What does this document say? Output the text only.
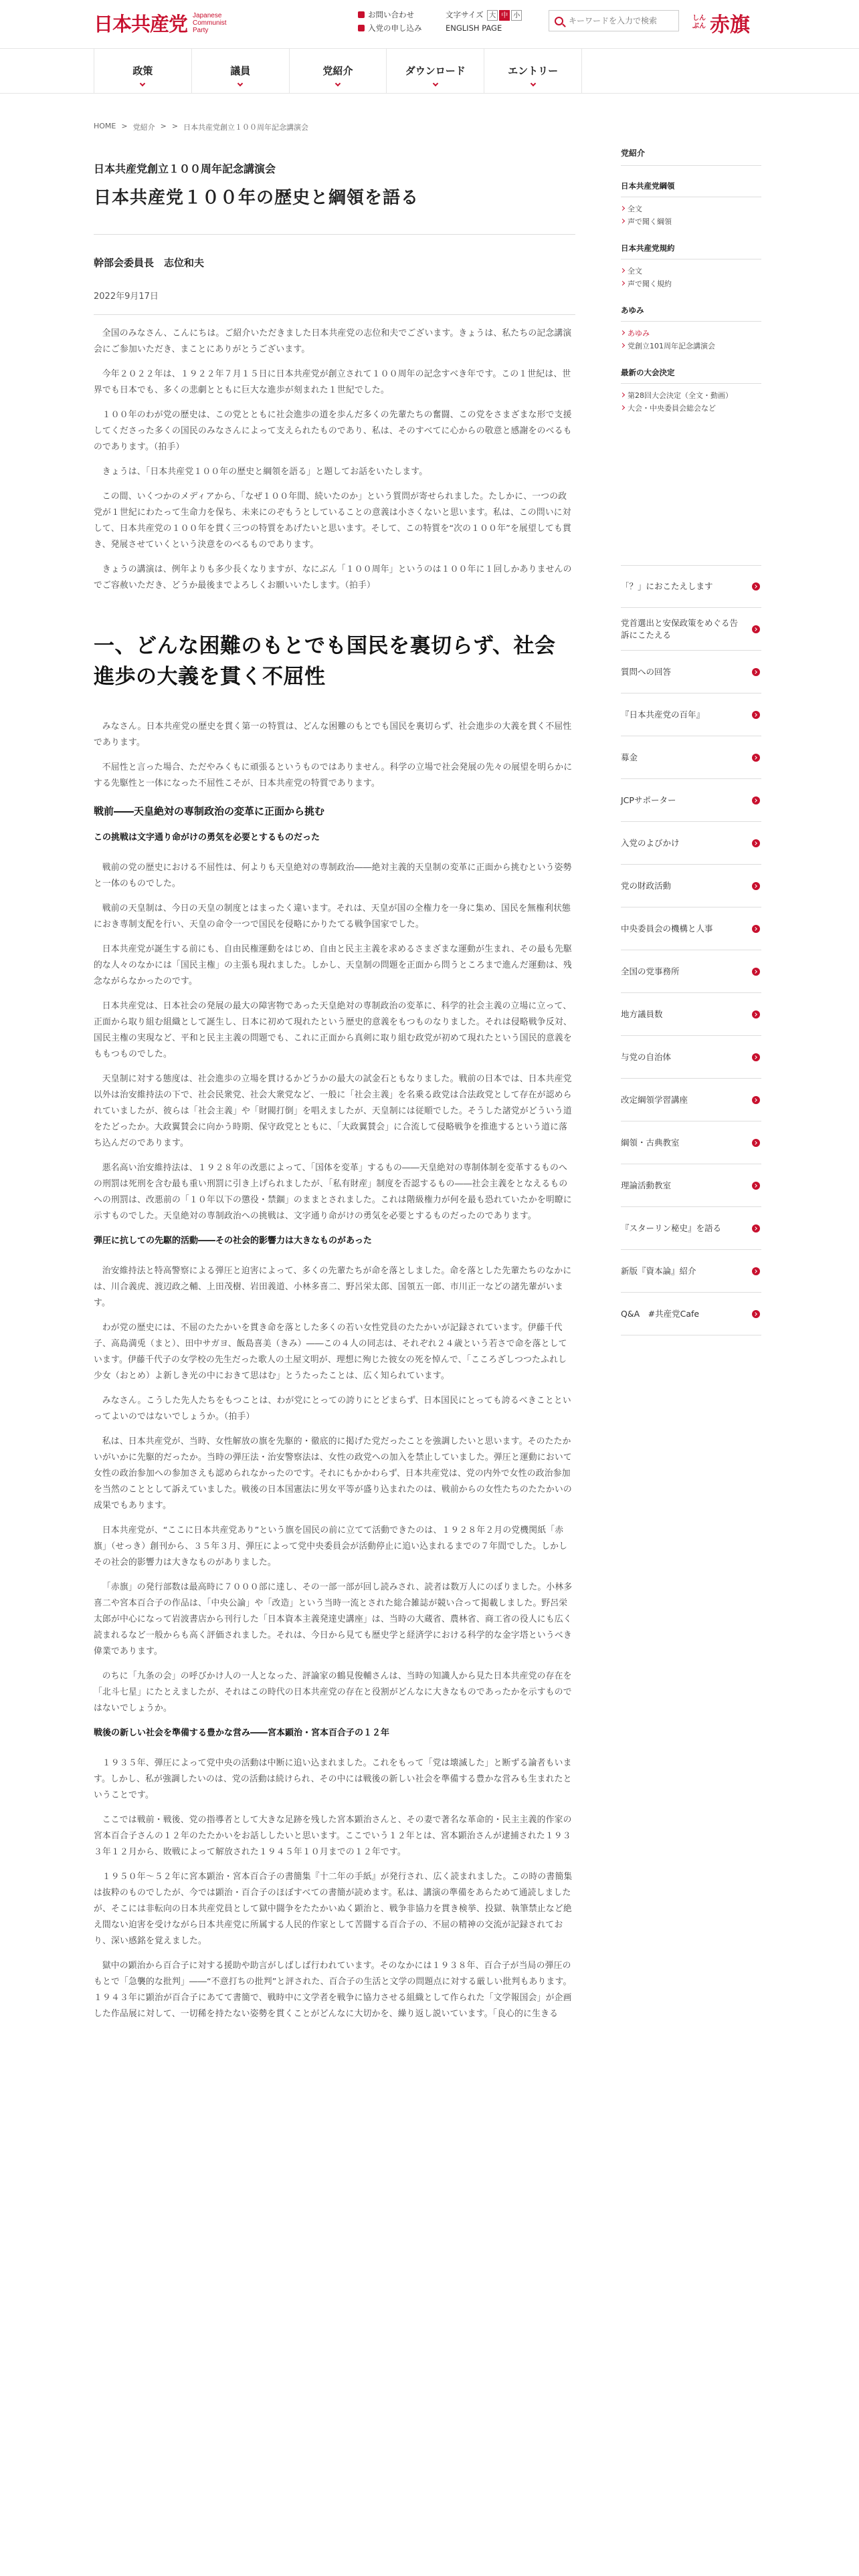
日本共産党 Japanese
Communist
Party
お問い合わせ
入党の申し込み
文字サイズ 大 中 小
ENGLISH PAGE
キーワードを入力で検索
しんぶん 赤旗
政策	議員	党紹介	ダウンロード	エントリー
HOME > 党紹介 > > 日本共産党創立１００周年記念講演会
日本共産党創立１００周年記念講演会
日本共産党１００年の歴史と綱領を語る
幹部会委員長　志位和夫
2022年9月17日

全国のみなさん、こんにちは。ご紹介いただきました日本共産党の志位和夫でございます。きょうは、私たちの記念講演会にご参加いただき、まことにありがとうございます。

今年２０２２年は、１９２２年７月１５日に日本共産党が創立されて１００周年の記念すべき年です。この１世紀は、世界でも日本でも、多くの悲劇とともに巨大な進歩が刻まれた１世紀でした。

１００年のわが党の歴史は、この党とともに社会進歩の道を歩んだ多くの先輩たちの奮闘、この党をさまざまな形で支援してくださった多くの国民のみなさんによって支えられたものであり、私は、そのすべてに心からの敬意と感謝をのべるものであります。（拍手）

きょうは、「日本共産党１００年の歴史と綱領を語る」と題してお話をいたします。

この間、いくつかのメディアから、「なぜ１００年間、続いたのか」という質問が寄せられました。たしかに、一つの政党が１世紀にわたって生命力を保ち、未来にのぞもうとしていることの意義は小さくないと思います。私は、この問いに対して、日本共産党の１００年を貫く三つの特質をあげたいと思います。そして、この特質を“次の１００年”を展望しても貫き、発展させていくという決意をのべるものであります。

きょうの講演は、例年よりも多少長くなりますが、なにぶん「１００周年」というのは１００年に１回しかありませんのでご容赦いただき、どうか最後までよろしくお願いいたします。（拍手）

一、どんな困難のもとでも国民を裏切らず、社会進歩の大義を貫く不屈性

みなさん。日本共産党の歴史を貫く第一の特質は、どんな困難のもとでも国民を裏切らず、社会進歩の大義を貫く不屈性であります。

不屈性と言った場合、ただやみくもに頑張るというものではありません。科学の立場で社会発展の先々の展望を明らかにする先駆性と一体になった不屈性こそが、日本共産党の特質であります。

戦前――天皇絶対の専制政治の変革に正面から挑む
この挑戦は文字通り命がけの勇気を必要とするものだった

戦前の党の歴史における不屈性は、何よりも天皇絶対の専制政治――絶対主義的天皇制の変革に正面から挑むという姿勢と一体のものでした。

戦前の天皇制は、今日の天皇の制度とはまったく違います。それは、天皇が国の全権力を一身に集め、国民を無権利状態におき専制支配を行い、天皇の命令一つで国民を侵略にかりたてる戦争国家でした。

日本共産党が誕生する前にも、自由民権運動をはじめ、自由と民主主義を求めるさまざまな運動が生まれ、その最も先駆的な人々のなかには「国民主権」の主張も現れました。しかし、天皇制の問題を正面から問うところまで進んだ運動は、残念ながらなかったのです。

日本共産党は、日本社会の発展の最大の障害物であった天皇絶対の専制政治の変革に、科学的社会主義の立場に立って、正面から取り組む組織として誕生し、日本に初めて現れたという歴史的意義をもつものなりました。それは侵略戦争反対、国民主権の実現など、平和と民主主義の問題でも、これに正面から真剣に取り組む政党が初めて現れたという国民的意義をももつものでした。

天皇制に対する態度は、社会進歩の立場を貫けるかどうかの最大の試金石ともなりました。戦前の日本では、日本共産党以外は治安維持法の下で、社会民衆党、社会大衆党など、一般に「社会主義」を名乗る政党は合法政党として存在が認められていましたが、彼らは「社会主義」や「財閥打倒」を唱えましたが、天皇制には従順でした。そうした諸党がどういう道をたどったか。大政翼賛会に向かう時期、保守政党とともに、「大政翼賛会」に合流して侵略戦争を推進するという道に落ち込んだのであります。

悪名高い治安維持法は、１９２８年の改悪によって、「国体を変革」するもの――天皇絶対の専制体制を変革するものへの刑罰は死刑を含む最も重い刑罰に引き上げられましたが、「私有財産」制度を否認するもの――社会主義をとなえるものへの刑罰は、改悪前の「１０年以下の懲役・禁錮」のままとされました。これは階級権力が何を最も恐れていたかを明瞭に示すものでした。天皇絶対の専制政治への挑戦は、文字通り命がけの勇気を必要とするものだったのであります。

弾圧に抗しての先駆的活動――その社会的影響力は大きなものがあった

治安維持法と特高警察による弾圧と迫害によって、多くの先輩たちが命を落としました。命を落とした先輩たちのなかには、川合義虎、渡辺政之輔、上田茂樹、岩田義道、小林多喜二、野呂栄太郎、国領五一郎、市川正一などの諸先輩がいます。

わが党の歴史には、不屈のたたかいを貫き命を落とした多くの若い女性党員のたたかいが記録されています。伊藤千代子、高島満兎（まと）、田中サガヨ、飯島喜美（きみ）――この４人の同志は、それぞれ２４歳という若さで命を落としています。伊藤千代子の女学校の先生だった歌人の土屋文明が、理想に殉じた彼女の死を悼んで、「こころざしつつたふれし少女（おとめ）よ新しき光の中におきて思はむ」とうたったことは、広く知られています。

みなさん。こうした先人たちをもつことは、わが党にとっての誇りにとどまらず、日本国民にとっても誇るべきことといってよいのではないでしょうか。（拍手）

私は、日本共産党が、当時、女性解放の旗を先駆的・徹底的に掲げた党だったことを強調したいと思います。そのたたかいがいかに先駆的だったか。当時の弾圧法・治安警察法は、女性の政党への加入を禁止していました。弾圧と運動において女性の政治参加への参加さえも認められなかったのです。それにもかかわらず、日本共産党は、党の内外で女性の政治参加を当然のこととして訴えていました。戦後の日本国憲法に男女平等が盛り込まれたのは、戦前からの女性たちのたたかいの成果でもあります。

日本共産党が、“ここに日本共産党あり”という旗を国民の前に立てて活動できたのは、１９２８年２月の党機関紙「赤旗」（せっき）創刊から、３５年３月、弾圧によって党中央委員会が活動停止に追い込まれるまでの７年間でした。しかしその社会的影響力は大きなものがありました。

「赤旗」の発行部数は最高時に７０００部に達し、その一部一部が回し読みされ、読者は数万人にのぼりました。小林多喜二や宮本百合子の作品は、「中央公論」や「改造」という当時一流とされた総合雑誌が競い合って掲載しました。野呂栄太郎が中心になって岩波書店から刊行した「日本資本主義発達史講座」は、当時の大蔵省、農林省、商工省の役人にも広く読まれるなど一般からも高く評価されました。それは、今日から見ても歴史学と経済学における科学的な金字塔というべき偉業であります。

のちに「九条の会」の呼びかけ人の一人となった、評論家の鶴見俊輔さんは、当時の知識人から見た日本共産党の存在を「北斗七星」にたとえましたが、それはこの時代の日本共産党の存在と役割がどんなに大きなものであったかを示すものではないでしょうか。

戦後の新しい社会を準備する豊かな営み――宮本顕治・宮本百合子の１２年

１９３５年、弾圧によって党中央の活動は中断に追い込まれました。これをもって「党は壊滅した」と断ずる論者もいます。しかし、私が強調したいのは、党の活動は続けられ、その中には戦後の新しい社会を準備する豊かな営みも生まれたということです。

ここでは戦前・戦後、党の指導者として大きな足跡を残した宮本顕治さんと、その妻で著名な革命的・民主主義的作家の宮本百合子さんの１２年のたたかいをお話ししたいと思います。ここでいう１２年とは、宮本顕治さんが逮捕された１９３３年１２月から、敗戦によって解放された１９４５年１０月までの１２年です。

１９５０年～５２年に宮本顕治・宮本百合子の書簡集『十二年の手紙』が発行され、広く読まれました。この時の書簡集は抜粋のものでしたが、今では顕治・百合子のほぼすべての書簡が読めます。私は、講演の準備をあらためて通読しましたが、そこには非転向の日本共産党員として獄中闘争をたたかいぬく顕治と、戦争非協力を貫き検挙、投獄、執筆禁止など絶え間ない迫害を受けながら日本共産党に所属する人民的作家として苦闘する百合子の、不屈の精神の交流が記録されており、深い感銘を覚えました。

獄中の顕治から百合子に対する援助や助言がしばしば行われています。そのなかには１９３８年、百合子が当局の弾圧のもとで「急襲的な批判」――“不意打ちの批判”と評された、百合子の生活と文学の問題点に対する厳しい批判もあります。１９４３年に顕治が百合子にあてて書簡で、戦時中に文学者を戦争に協力させる組織として作られた「文学報国会」が企画した作品展に対して、一切稀を持たない姿勢を貫くことがどんなに大切かを、繰り返し説いています。「良心的に生きる

党紹介
日本共産党綱領
全文
声で聞く綱領
日本共産党規約
全文
声で聞く規約
あゆみ
あゆみ
党創立101周年記念講演会
最新の大会決定
第28回大会決定（全文・動画）
大会・中央委員会総会など
「？」におこたえします
党首選出と安保政策をめぐる告訴にこたえる
質問への回答
『日本共産党の百年』
募金
JCPサポーター
入党のよびかけ
党の財政活動
中央委員会の機構と人事
全国の党事務所
地方議員数
与党の自治体
改定綱領学習講座
綱領・古典教室
理論活動教室
『スターリン秘史』を語る
新版『資本論』紹介
Q&A　#共産党Cafe
